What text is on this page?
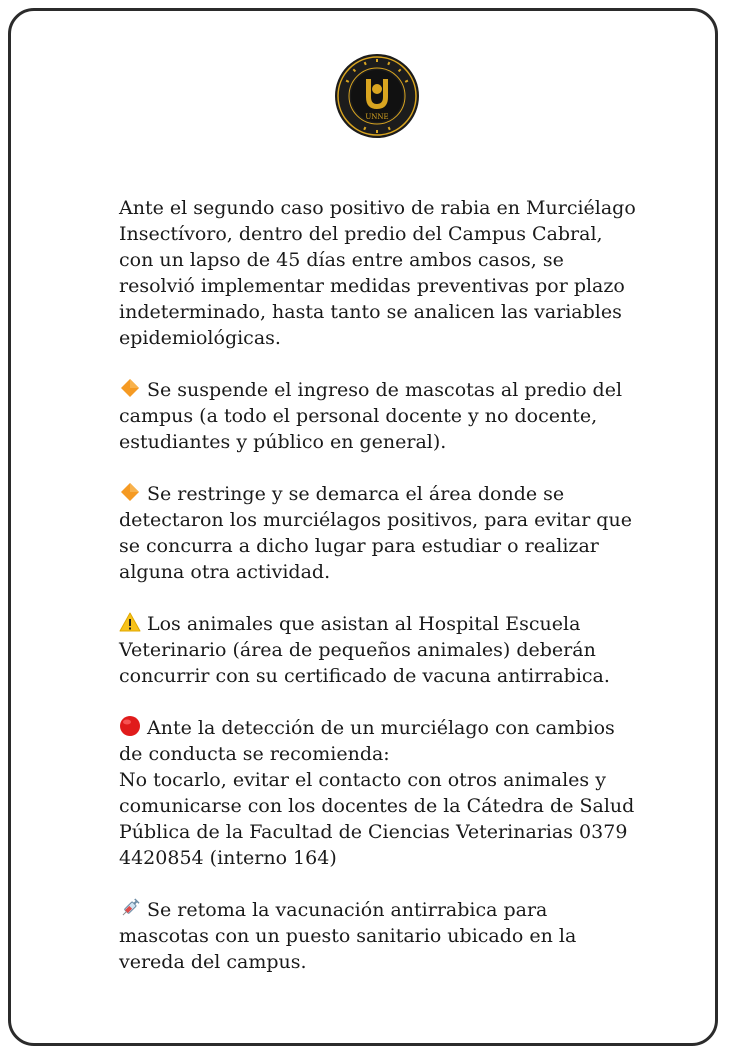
UNNE

Ante el segundo caso positivo de rabia en Murciélago Insectívoro, dentro del predio del Campus Cabral, con un lapso de 45 días entre ambos casos, se resolvió implementar medidas preventivas por plazo indeterminado, hasta tanto se analicen las variables epidemiológicas.

Se suspende el ingreso de mascotas al predio del campus (a todo el personal docente y no docente, estudiantes y público en general).

Se restringe y se demarca el área donde se detectaron los murciélagos positivos, para evitar que se concurra a dicho lugar para estudiar o realizar alguna otra actividad.

Los animales que asistan al Hospital Escuela Veterinario (área de pequeños animales) deberán concurrir con su certificado de vacuna antirrabica.

Ante la detección de un murciélago con cambios de conducta se recomienda:

No tocarlo, evitar el contacto con otros animales y comunicarse con los docentes de la Cátedra de Salud Pública de la Facultad de Ciencias Veterinarias 0379 4420854 (interno 164)

Se retoma la vacunación antirrabica para mascotas con un puesto sanitario ubicado en la vereda del campus.
